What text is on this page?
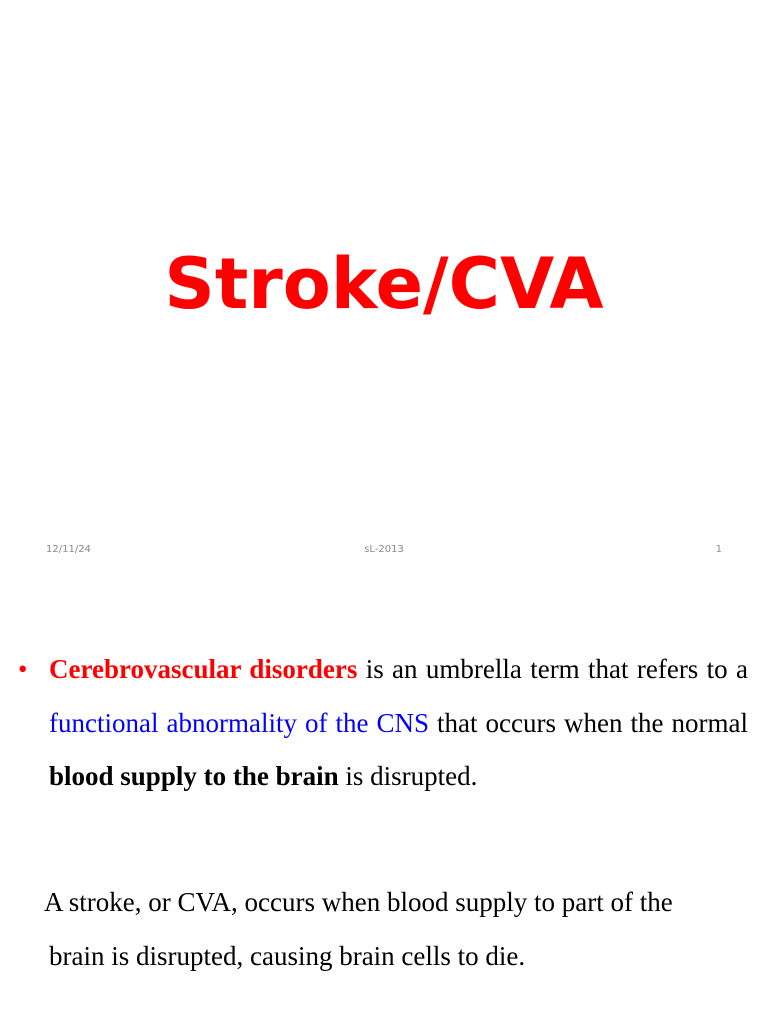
Stroke/CVA
12/11/24	sL-2013	1
• Cerebrovascular disorders is an umbrella term that refers to a functional abnormality of the CNS that occurs when the normal blood supply to the brain is disrupted.
A stroke, or CVA, occurs when blood supply to part of the
brain is disrupted, causing brain cells to die.
